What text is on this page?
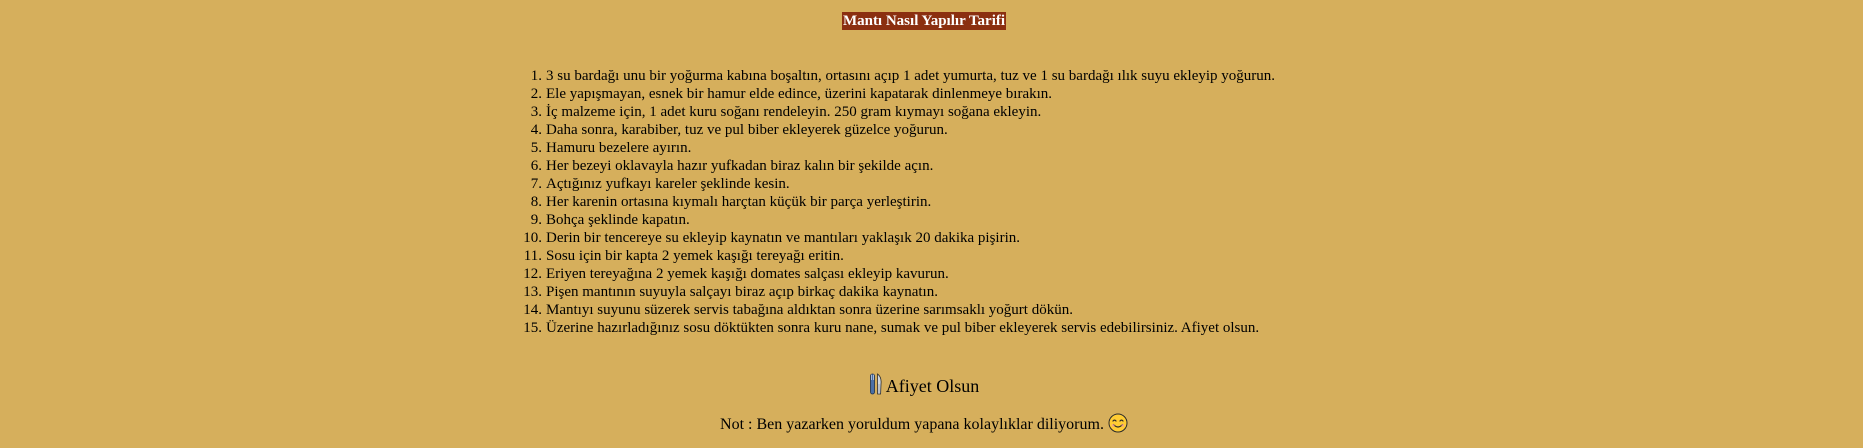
Mantı Nasıl Yapılır Tarifi
1. 3 su bardağı unu bir yoğurma kabına boşaltın, ortasını açıp 1 adet yumurta, tuz ve 1 su bardağı ılık suyu ekleyip yoğurun.
2. Ele yapışmayan, esnek bir hamur elde edince, üzerini kapatarak dinlenmeye bırakın.
3. İç malzeme için, 1 adet kuru soğanı rendeleyin. 250 gram kıymayı soğana ekleyin.
4. Daha sonra, karabiber, tuz ve pul biber ekleyerek güzelce yoğurun.
5. Hamuru bezelere ayırın.
6. Her bezeyi oklavayla hazır yufkadan biraz kalın bir şekilde açın.
7. Açtığınız yufkayı kareler şeklinde kesin.
8. Her karenin ortasına kıymalı harçtan küçük bir parça yerleştirin.
9. Bohça şeklinde kapatın.
10. Derin bir tencereye su ekleyip kaynatın ve mantıları yaklaşık 20 dakika pişirin.
11. Sosu için bir kapta 2 yemek kaşığı tereyağı eritin.
12. Eriyen tereyağına 2 yemek kaşığı domates salçası ekleyip kavurun.
13. Pişen mantının suyuyla salçayı biraz açıp birkaç dakika kaynatın.
14. Mantıyı suyunu süzerek servis tabağına aldıktan sonra üzerine sarımsaklı yoğurt dökün.
15. Üzerine hazırladığınız sosu döktükten sonra kuru nane, sumak ve pul biber ekleyerek servis edebilirsiniz. Afiyet olsun.
Afiyet Olsun
Not : Ben yazarken yoruldum yapana kolaylıklar diliyorum.
